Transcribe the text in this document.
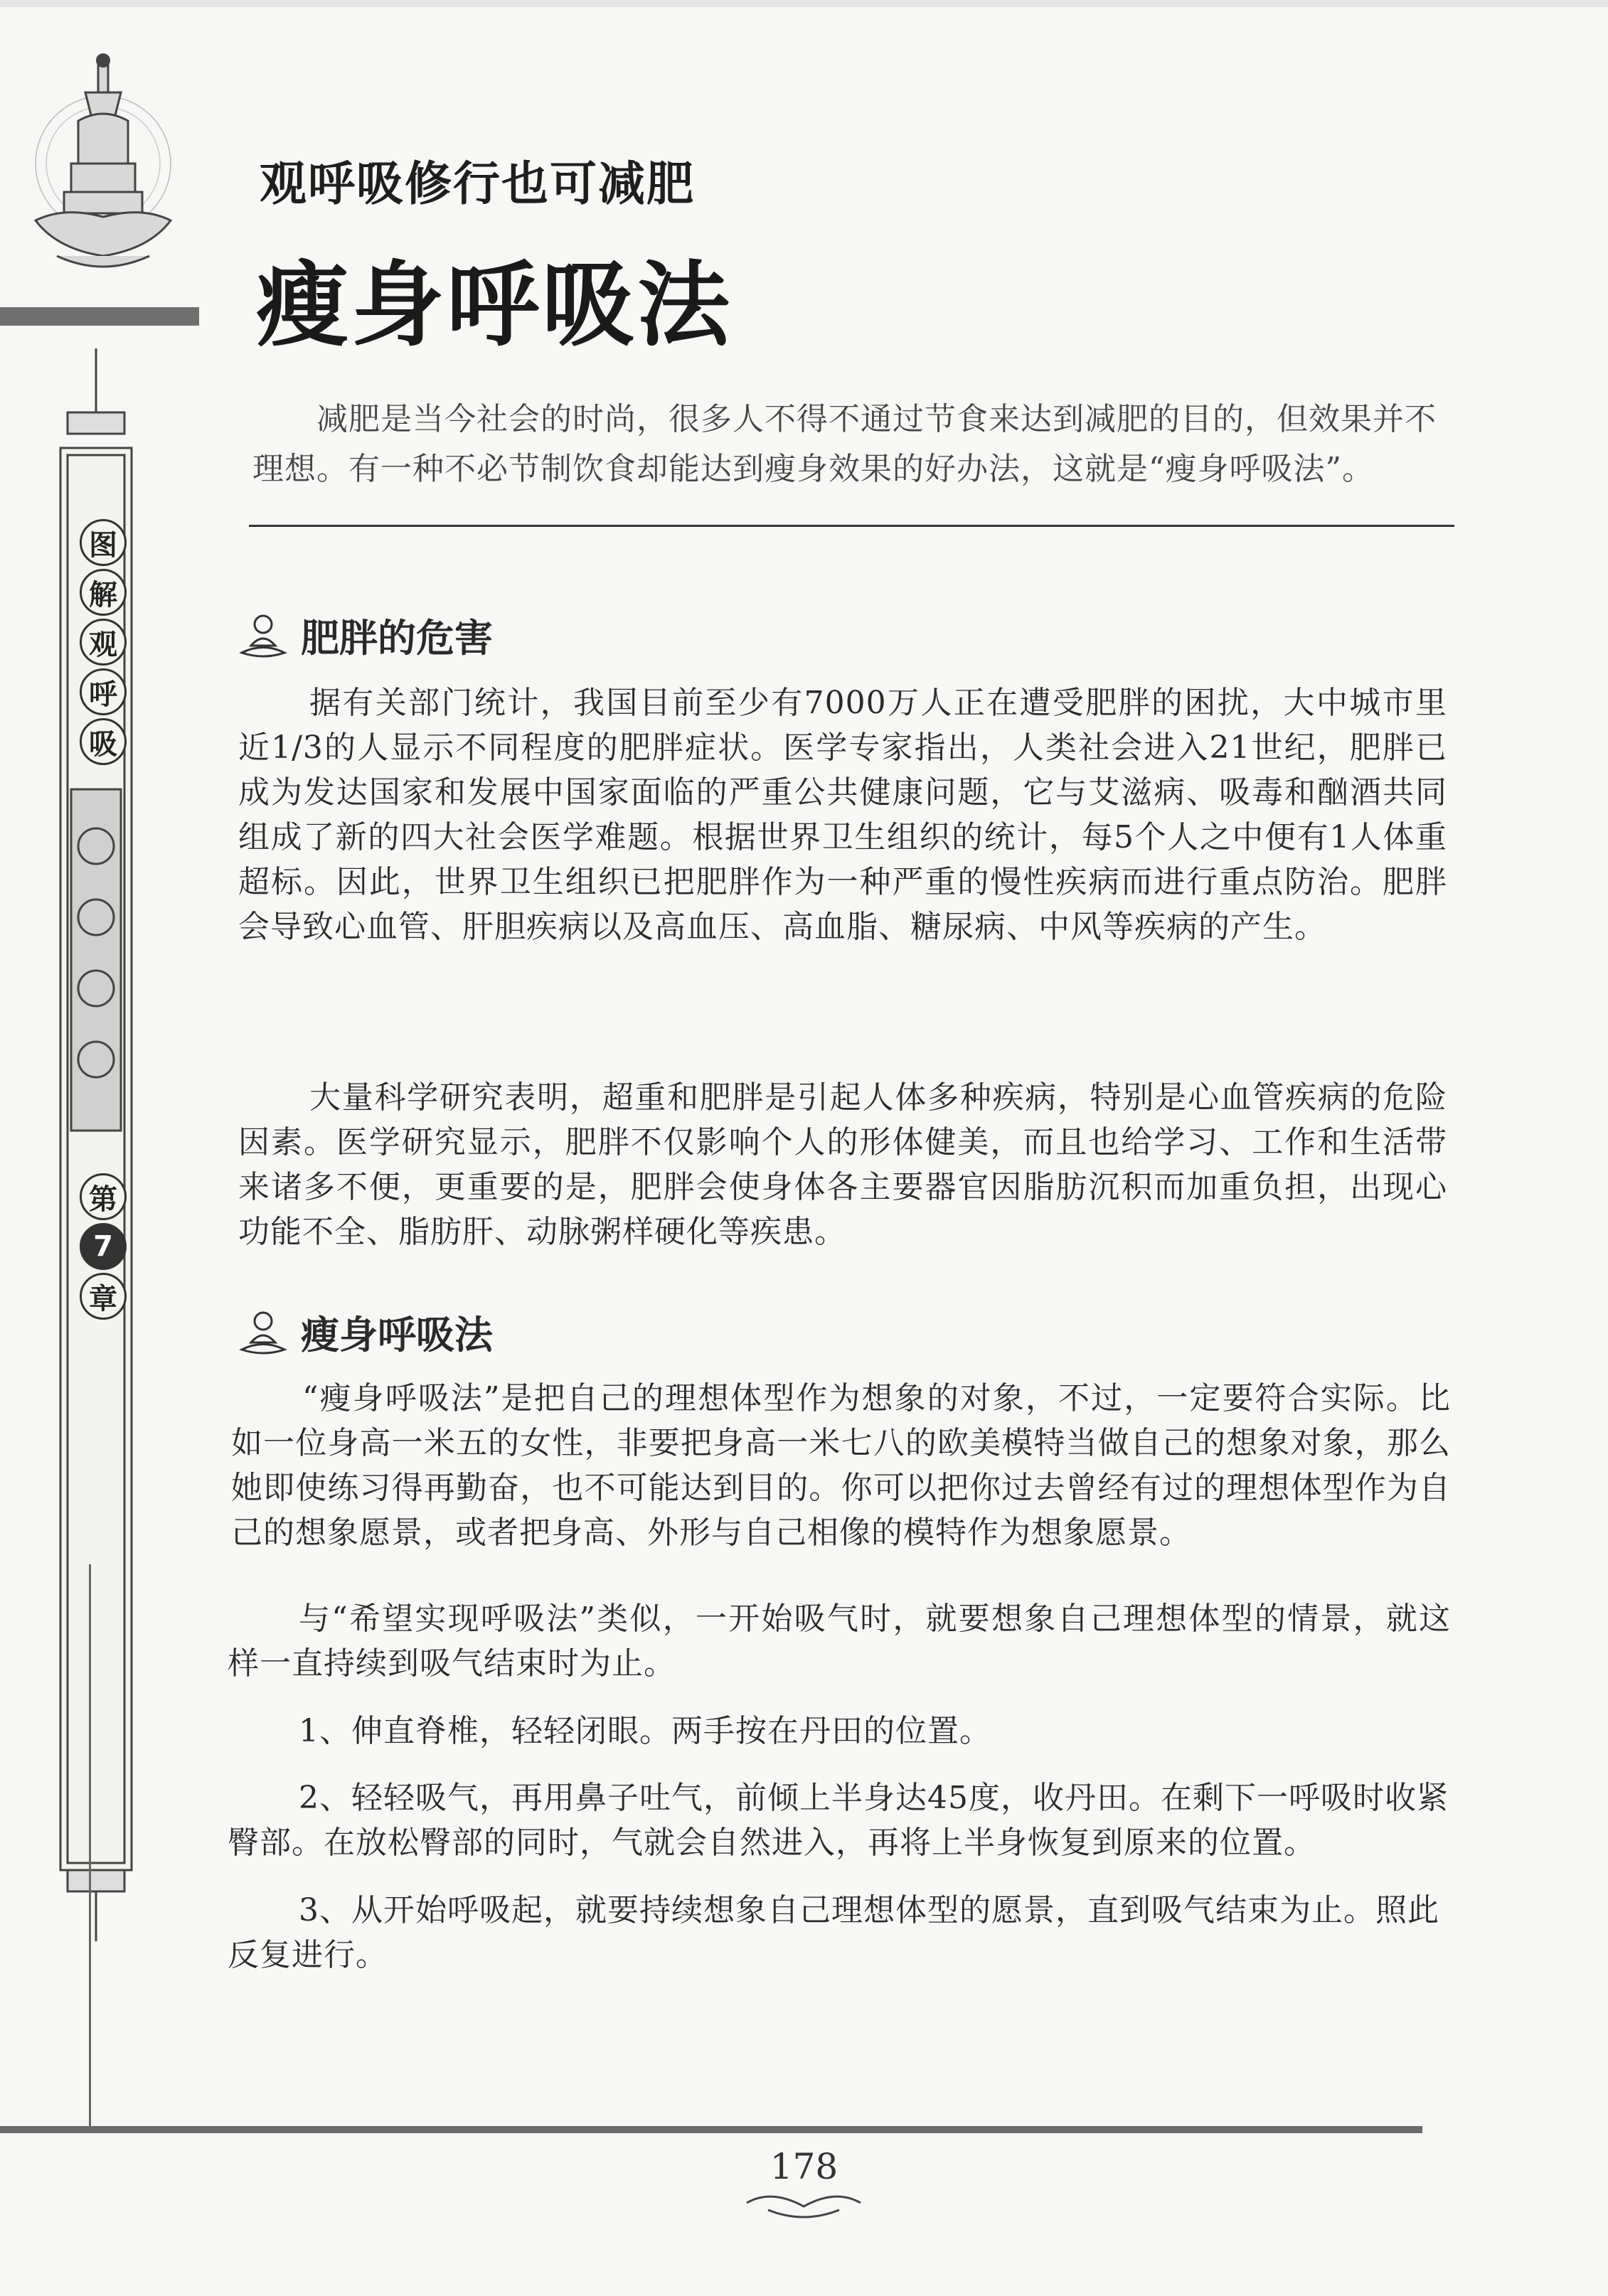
图
解
观
呼
吸
第
7
章
观呼吸修行也可减肥
瘦身呼吸法
减肥是当今社会的时尚，很多人不得不通过节食来达到减肥的目的，但效果并不理想。有一种不必节制饮食却能达到瘦身效果的好办法，这就是“瘦身呼吸法”。
肥胖的危害
据有关部门统计，我国目前至少有7000万人正在遭受肥胖的困扰，大中城市里近1/3的人显示不同程度的肥胖症状。医学专家指出，人类社会进入21世纪，肥胖已成为发达国家和发展中国家面临的严重公共健康问题，它与艾滋病、吸毒和酗酒共同组成了新的四大社会医学难题。根据世界卫生组织的统计，每5个人之中便有1人体重超标。因此，世界卫生组织已把肥胖作为一种严重的慢性疾病而进行重点防治。肥胖会导致心血管、肝胆疾病以及高血压、高血脂、糖尿病、中风等疾病的产生。
大量科学研究表明，超重和肥胖是引起人体多种疾病，特别是心血管疾病的危险因素。医学研究显示，肥胖不仅影响个人的形体健美，而且也给学习、工作和生活带来诸多不便，更重要的是，肥胖会使身体各主要器官因脂肪沉积而加重负担，出现心功能不全、脂肪肝、动脉粥样硬化等疾患。
瘦身呼吸法
“瘦身呼吸法”是把自己的理想体型作为想象的对象，不过，一定要符合实际。比如一位身高一米五的女性，非要把身高一米七八的欧美模特当做自己的想象对象，那么她即使练习得再勤奋，也不可能达到目的。你可以把你过去曾经有过的理想体型作为自己的想象愿景，或者把身高、外形与自己相像的模特作为想象愿景。
与“希望实现呼吸法”类似，一开始吸气时，就要想象自己理想体型的情景，就这样一直持续到吸气结束时为止。
1、伸直脊椎，轻轻闭眼。两手按在丹田的位置。
2、轻轻吸气，再用鼻子吐气，前倾上半身达45度，收丹田。在剩下一呼吸时收紧臀部。在放松臀部的同时，气就会自然进入，再将上半身恢复到原来的位置。
3、从开始呼吸起，就要持续想象自己理想体型的愿景，直到吸气结束为止。照此反复进行。
178
